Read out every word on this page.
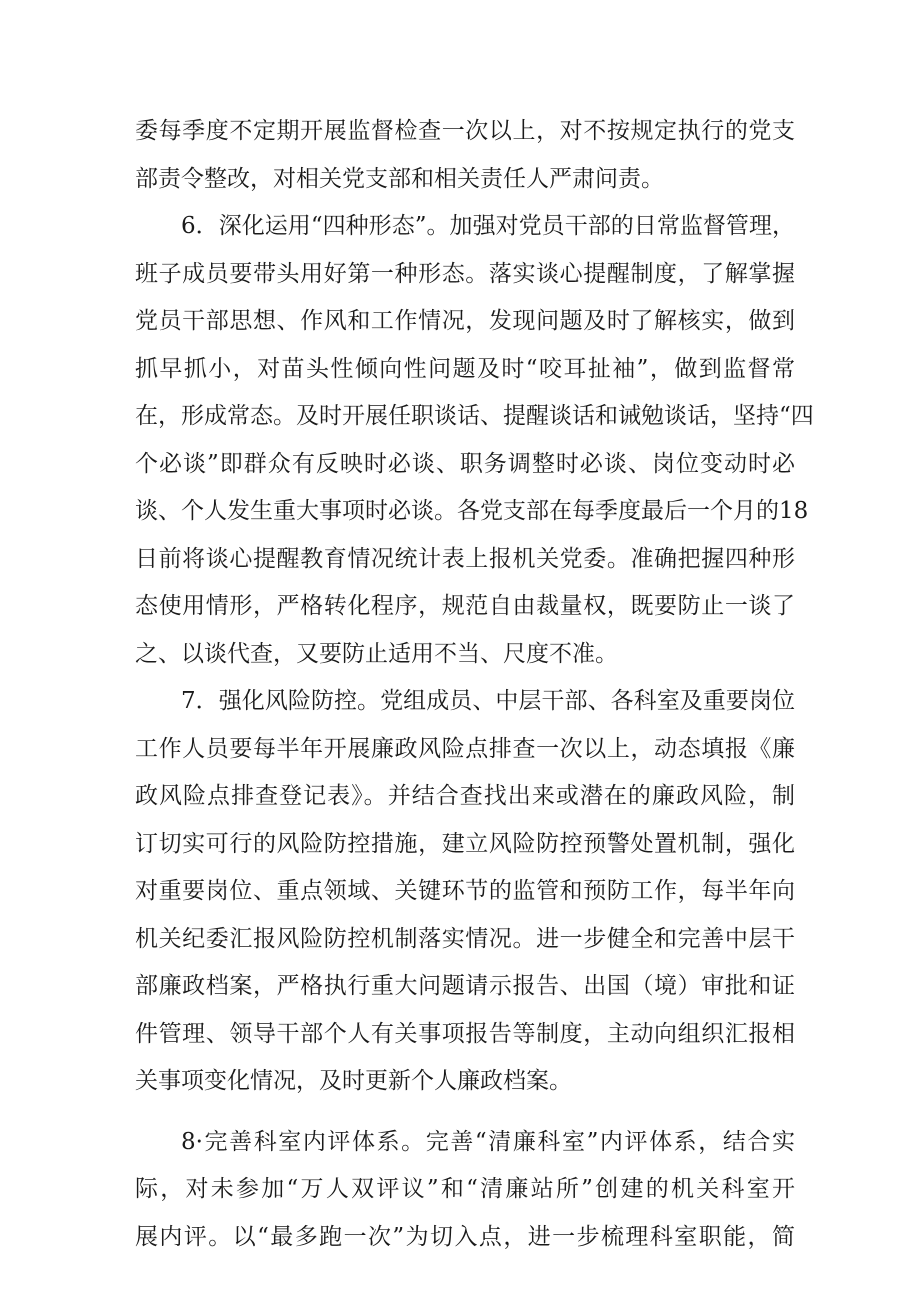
委每季度不定期开展监督检查一次以上，对不按规定执行的党支
部责令整改，对相关党支部和相关责任人严肃问责。
6．深化运用“四种形态”。加强对党员干部的日常监督管理，
班子成员要带头用好第一种形态。落实谈心提醒制度，了解掌握
党员干部思想、作风和工作情况，发现问题及时了解核实，做到
抓早抓小，对苗头性倾向性问题及时“咬耳扯袖”，做到监督常
在，形成常态。及时开展任职谈话、提醒谈话和诫勉谈话，坚持“四
个必谈”即群众有反映时必谈、职务调整时必谈、岗位变动时必
谈、个人发生重大事项时必谈。各党支部在每季度最后一个月的18
日前将谈心提醒教育情况统计表上报机关党委。准确把握四种形
态使用情形，严格转化程序，规范自由裁量权，既要防止一谈了
之、以谈代查，又要防止适用不当、尺度不准。
7．强化风险防控。党组成员、中层干部、各科室及重要岗位
工作人员要每半年开展廉政风险点排查一次以上，动态填报《廉
政风险点排查登记表》。并结合查找出来或潜在的廉政风险，制
订切实可行的风险防控措施，建立风险防控预警处置机制，强化
对重要岗位、重点领域、关键环节的监管和预防工作，每半年向
机关纪委汇报风险防控机制落实情况。进一步健全和完善中层干
部廉政档案，严格执行重大问题请示报告、出国（境）审批和证
件管理、领导干部个人有关事项报告等制度，主动向组织汇报相
关事项变化情况，及时更新个人廉政档案。
8·完善科室内评体系。完善“清廉科室”内评体系，结合实
际，对未参加“万人双评议”和“清廉站所”创建的机关科室开
展内评。以“最多跑一次”为切入点，进一步梳理科室职能，简
